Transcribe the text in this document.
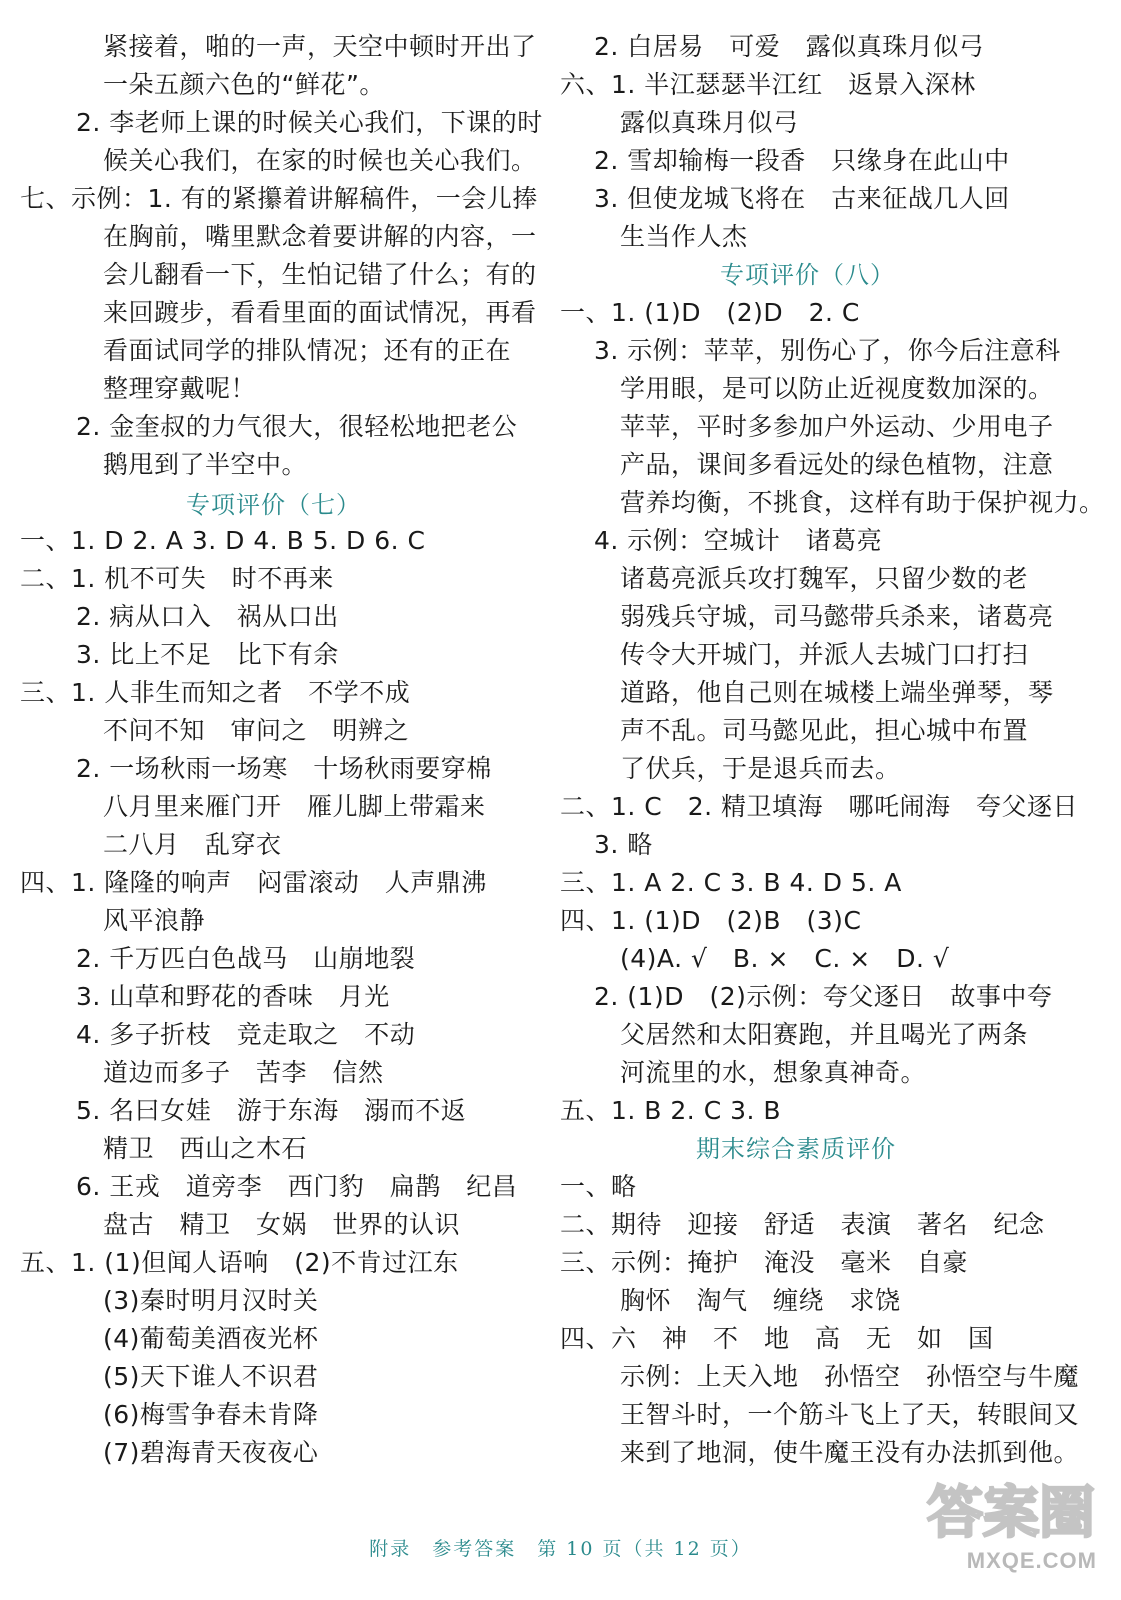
紧接着，啪的一声，天空中顿时开出了
一朵五颜六色的“鲜花”。
2. 李老师上课的时候关心我们，下课的时
候关心我们，在家的时候也关心我们。
七、示例：1. 有的紧攥着讲解稿件，一会儿捧
在胸前，嘴里默念着要讲解的内容，一
会儿翻看一下，生怕记错了什么；有的
来回踱步，看看里面的面试情况，再看
看面试同学的排队情况；还有的正在
整理穿戴呢！
2. 金奎叔的力气很大，很轻松地把老公
鹅甩到了半空中。
专项评价（七）
一、1. D 2. A 3. D 4. B 5. D 6. C
二、1. 机不可失　时不再来
2. 病从口入　祸从口出
3. 比上不足　比下有余
三、1. 人非生而知之者　不学不成
不问不知　审问之　明辨之
2. 一场秋雨一场寒　十场秋雨要穿棉
八月里来雁门开　雁儿脚上带霜来
二八月　乱穿衣
四、1. 隆隆的响声　闷雷滚动　人声鼎沸
风平浪静
2. 千万匹白色战马　山崩地裂
3. 山草和野花的香味　月光
4. 多子折枝　竞走取之　不动
道边而多子　苦李　信然
5. 名曰女娃　游于东海　溺而不返
精卫　西山之木石
6. 王戎　道旁李　西门豹　扁鹊　纪昌
盘古　精卫　女娲　世界的认识
五、1. (1)但闻人语响　(2)不肯过江东
(3)秦时明月汉时关
(4)葡萄美酒夜光杯
(5)天下谁人不识君
(6)梅雪争春未肯降
(7)碧海青天夜夜心
2. 白居易　可爱　露似真珠月似弓
六、1. 半江瑟瑟半江红　返景入深林
露似真珠月似弓
2. 雪却输梅一段香　只缘身在此山中
3. 但使龙城飞将在　古来征战几人回
生当作人杰
专项评价（八）
一、1. (1)D　(2)D　2. C
3. 示例：苹苹，别伤心了，你今后注意科
学用眼，是可以防止近视度数加深的。
苹苹，平时多参加户外运动、少用电子
产品，课间多看远处的绿色植物，注意
营养均衡，不挑食，这样有助于保护视力。
4. 示例：空城计　诸葛亮
诸葛亮派兵攻打魏军，只留少数的老
弱残兵守城，司马懿带兵杀来，诸葛亮
传令大开城门，并派人去城门口打扫
道路，他自己则在城楼上端坐弹琴，琴
声不乱。司马懿见此，担心城中布置
了伏兵，于是退兵而去。
二、1. C　2. 精卫填海　哪吒闹海　夸父逐日
3. 略
三、1. A 2. C 3. B 4. D 5. A
四、1. (1)D　(2)B　(3)C
(4)A. √　B. ×　C. ×　D. √
2. (1)D　(2)示例：夸父逐日　故事中夸
父居然和太阳赛跑，并且喝光了两条
河流里的水，想象真神奇。
五、1. B 2. C 3. B
期末综合素质评价
一、略
二、期待　迎接　舒适　表演　著名　纪念
三、示例：掩护　淹没　毫米　自豪
胸怀　淘气　缠绕　求饶
四、六　神　不　地　高　无　如　国
示例：上天入地　孙悟空　孙悟空与牛魔
王智斗时，一个筋斗飞上了天，转眼间又
来到了地洞，使牛魔王没有办法抓到他。
附录　参考答案　第 10 页（共 12 页）
答案圈
MXQE.COM
